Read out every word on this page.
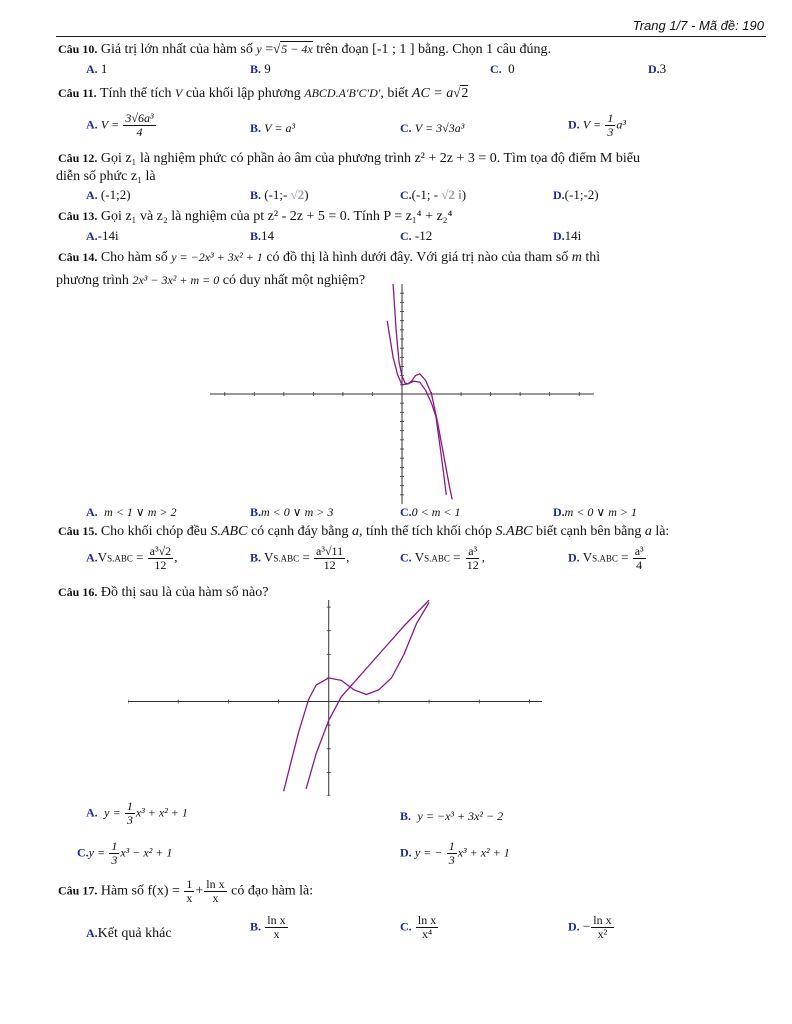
Trang 1/7 - Mã đề: 190
Câu 10. Giá trị lớn nhất của hàm số y =√5 − 4x trên đoạn [-1 ; 1 ] bằng. Chọn 1 câu đúng.
A. 1	B. 9	C. 0	D.3
Câu 11. Tính thể tích V của khối lập phương ABCD.A′B′C′D′, biết AC = a√2
A. $V = \frac{\text{3√6a³}}{4}$	B. V = a³	C. V = 3√3a³	D. $V = \frac{1}{3} a^3$
Câu 12. Gọi z₁ là nghiệm phức có phần ảo âm của phương trình z² + 2z + 3 = 0. Tìm tọa độ điểm M biểu
diễn số phức z₁ là
A. (-1;2)	B. (-1;- √2)	C.(-1; - √2 i)	D.(-1;-2)
Câu 13. Gọi z₁ và z₂ là nghiệm của pt z² - 2z + 5 = 0. Tính P = z₁⁴ + z₂⁴
A.-14i	B.14	C. -12	D.14i
Câu 14. Cho hàm số y = −2x³ + 3x² + 1 có đồ thị là hình dưới đây. Với giá trị nào của tham số m thì
phương trình 2x³ − 3x² + m = 0 có duy nhất một nghiệm?
A. m < 1 ∨ m > 2	B.m < 0 ∨ m > 3	C.0 < m < 1	D.m < 0 ∨ m > 1
Câu 15. Cho khối chóp đều S.ABC có cạnh đáy bằng a, tính thể tích khối chóp S.ABC biết cạnh bên bằng a là:
$A.VS.ABC = \frac{\text{a³√2}}{12}$ ,	B. $VS.ABC = \frac{\text{a³√11}}{12}$ ,	C. $VS.ABC = \frac{\text{a³}}{12}$ ,	D. $VS.ABC = \frac{\text{a³}}{4}$
Câu 16. Đồ thị sau là của hàm số nào?
A. $y = \frac{1}{3} x^3 + x^2 + 1$	B. y = −x³ + 3x² − 2
$C.y = \frac{1}{3} x^3 - x^2 + 1$	D. y = − $\frac{1}{3} x^3 + x^2 + 1$
Câu 17. Hàm số $f(x) = \frac{1}{x} + \frac{\text{ln x}}{x}$ có đạo hàm là:
A.Kết quả khác	B. $\frac{\text{ln x}}{x}$	C. $\frac{\text{ln x}}{\text{x⁴}}$	D. − $\frac{\text{ln x}}{\text{x²}}$
